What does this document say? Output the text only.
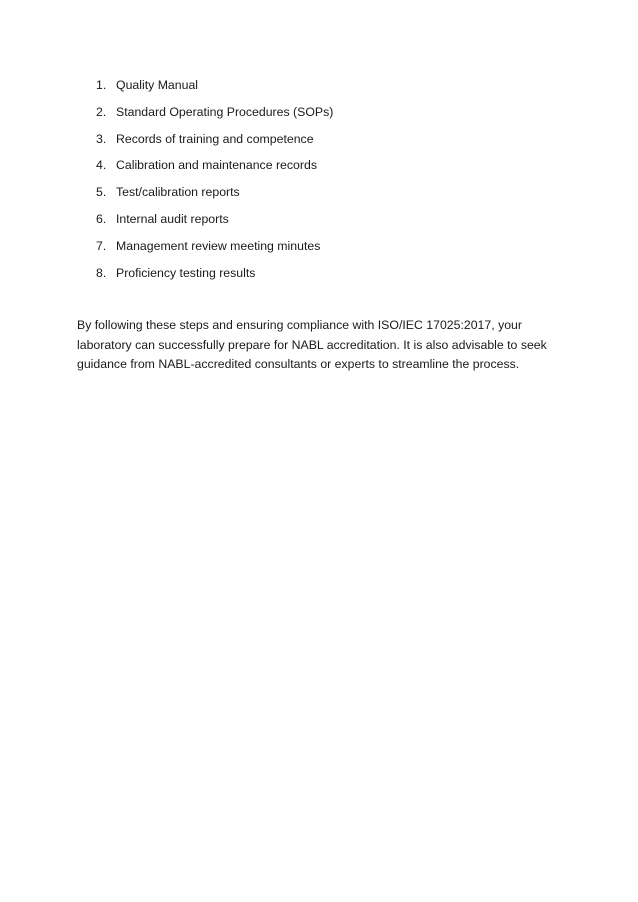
1. Quality Manual
2. Standard Operating Procedures (SOPs)
3. Records of training and competence
4. Calibration and maintenance records
5. Test/calibration reports
6. Internal audit reports
7. Management review meeting minutes
8. Proficiency testing results

By following these steps and ensuring compliance with ISO/IEC 17025:2017, your laboratory can successfully prepare for NABL accreditation. It is also advisable to seek guidance from NABL-accredited consultants or experts to streamline the process.
